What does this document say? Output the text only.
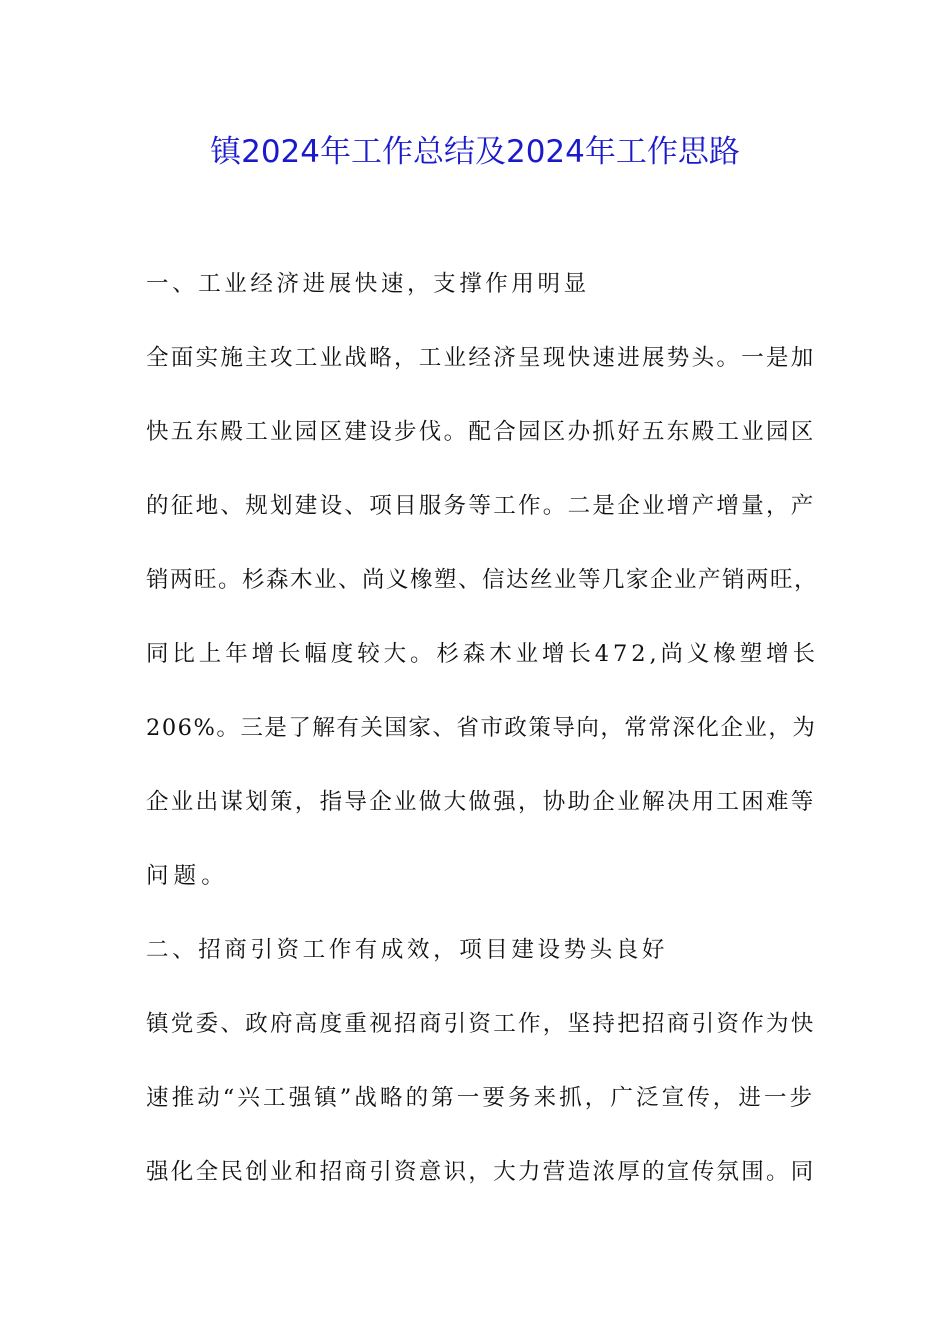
镇2024年工作总结及2024年工作思路
一、工业经济进展快速，支撑作用明显
全面实施主攻工业战略，工业经济呈现快速进展势头。一是加
快五东殿工业园区建设步伐。配合园区办抓好五东殿工业园区
的征地、规划建设、项目服务等工作。二是企业增产增量，产
销两旺。杉森木业、尚义橡塑、信达丝业等几家企业产销两旺，
同比上年增长幅度较大。杉森木业增长472,尚义橡塑增长
206%。三是了解有关国家、省市政策导向，常常深化企业，为
企业出谋划策，指导企业做大做强，协助企业解决用工困难等
问题。
二、招商引资工作有成效，项目建设势头良好
镇党委、政府高度重视招商引资工作，坚持把招商引资作为快
速推动“兴工强镇”战略的第一要务来抓，广泛宣传，进一步
强化全民创业和招商引资意识，大力营造浓厚的宣传氛围。同
